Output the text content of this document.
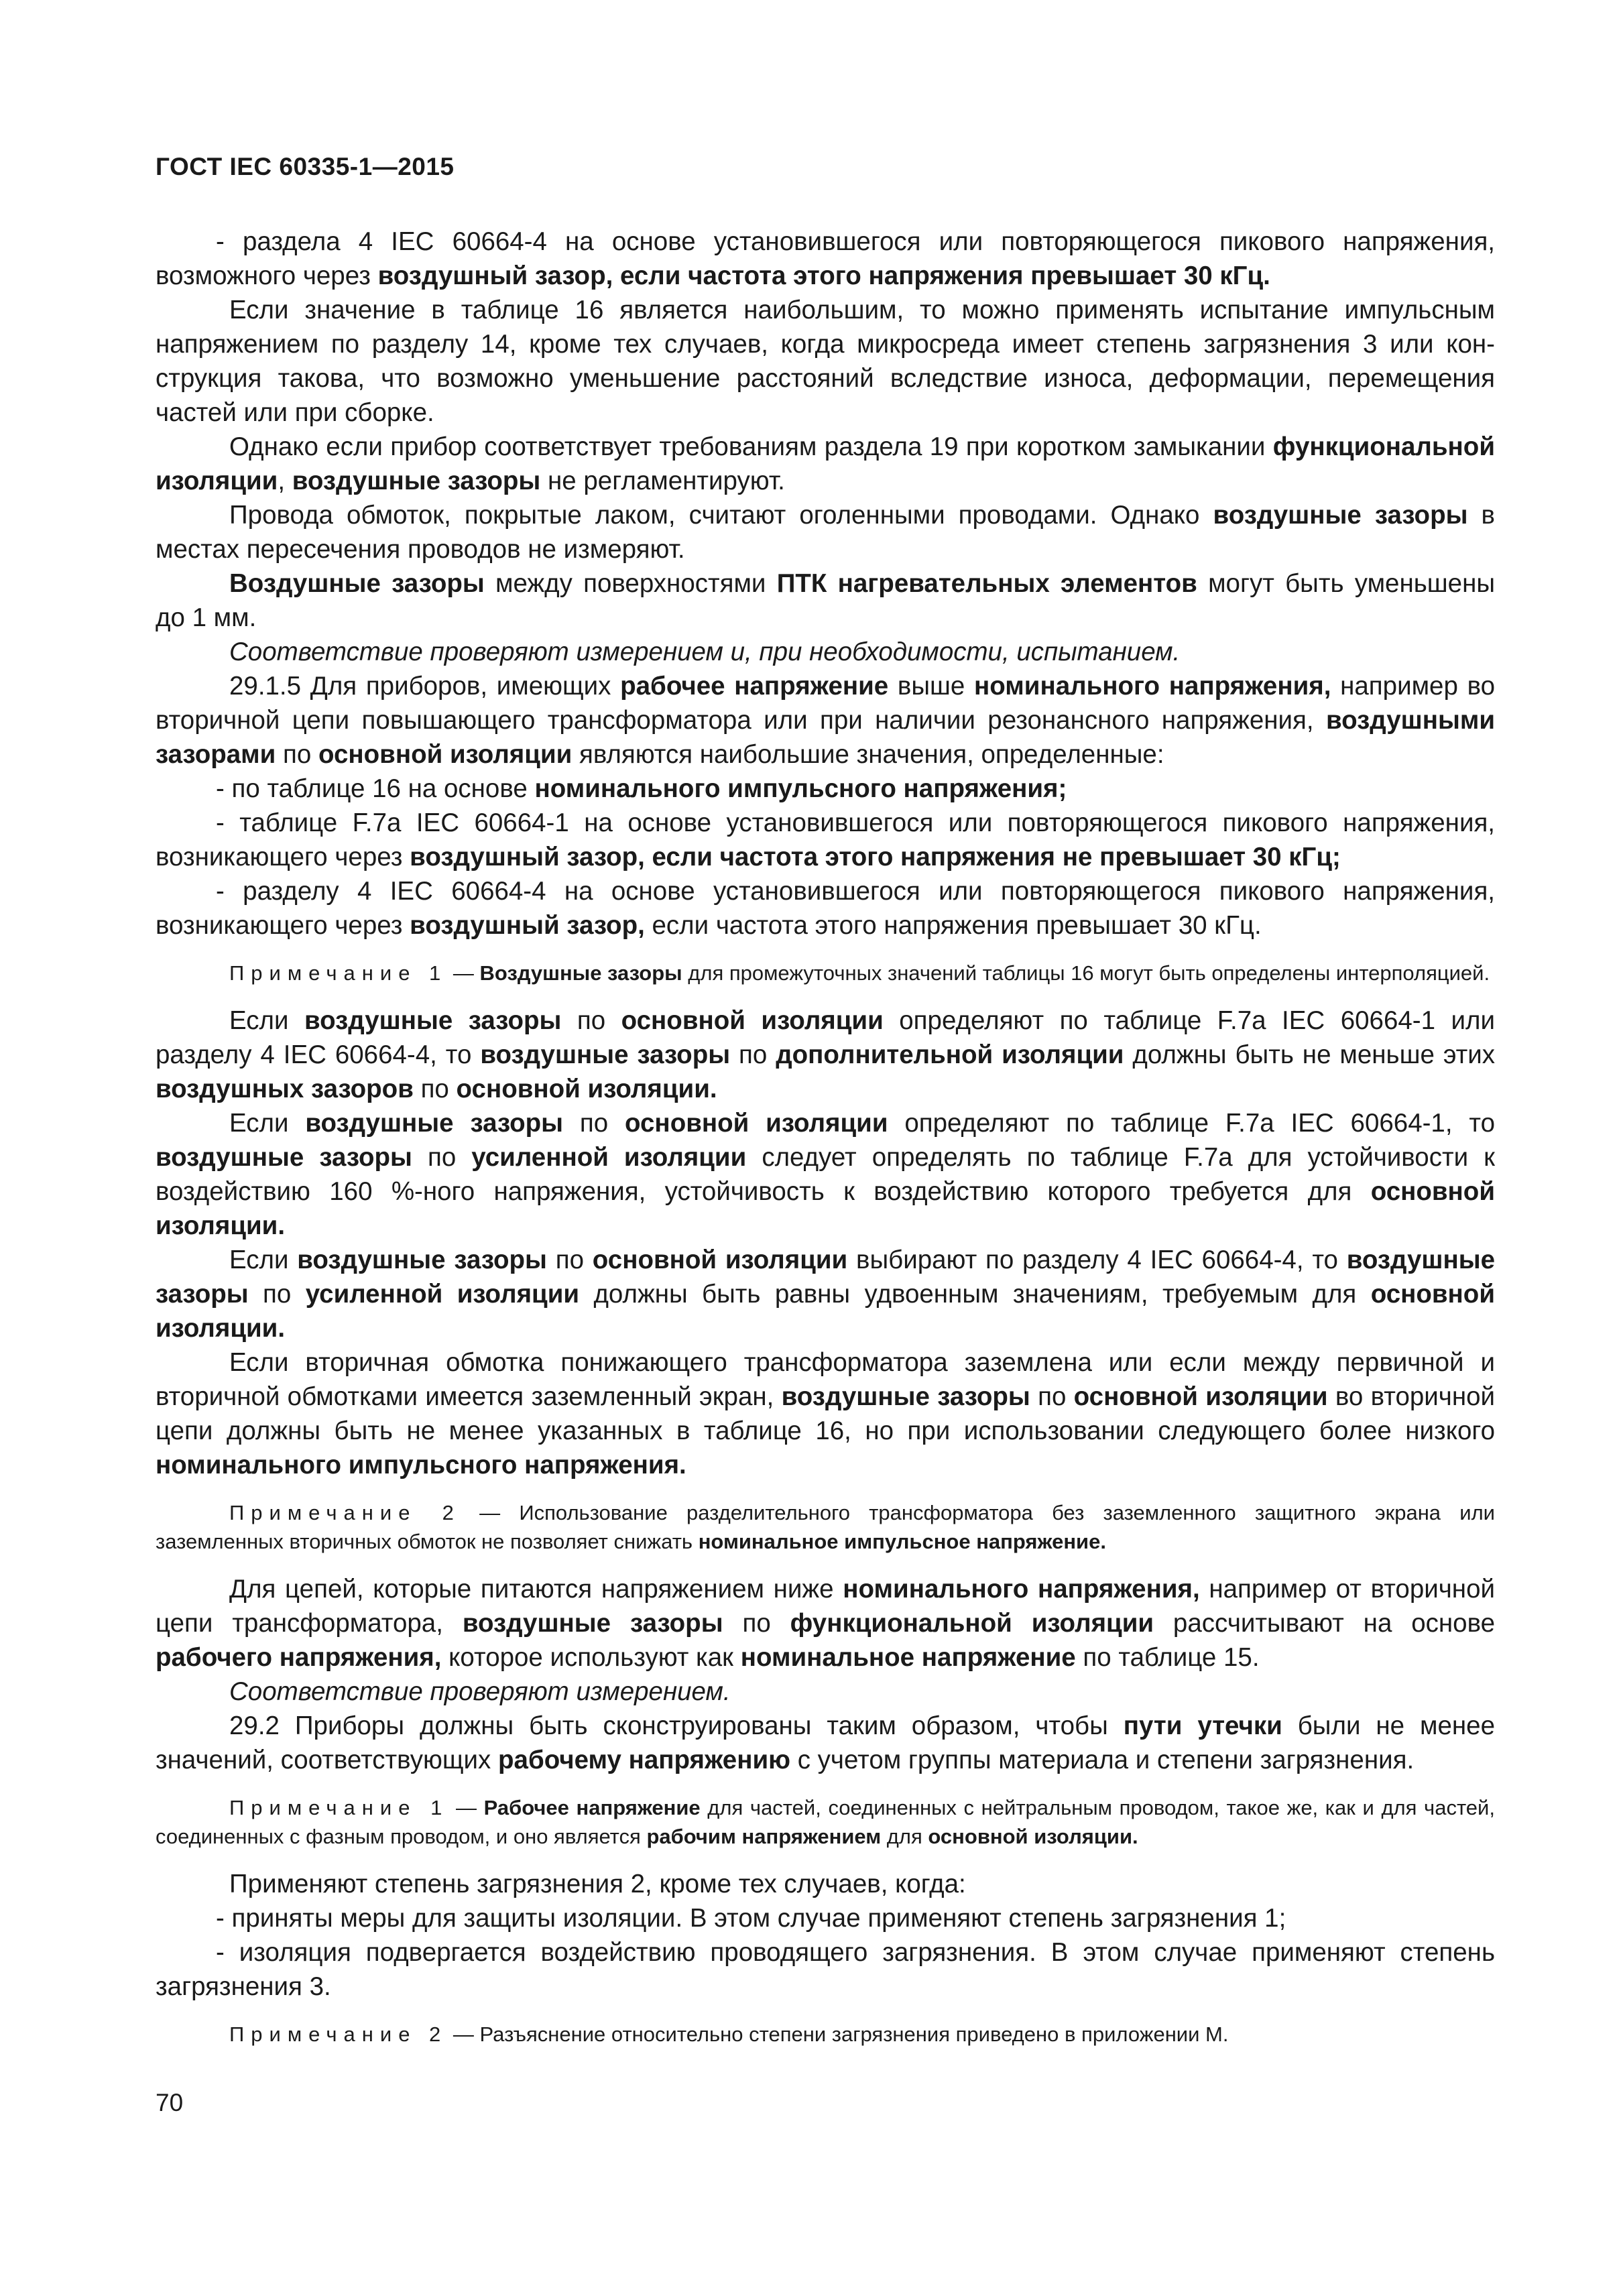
ГОСТ IEC 60335-1—2015

- раздела 4 IEC 60664-4 на основе установившегося или повторяющегося пикового напряжения, возможного через воздушный зазор, если частота этого напряжения превышает 30 кГц.

Если значение в таблице 16 является наибольшим, то можно применять испытание импульсным напряжением по разделу 14, кроме тех случаев, когда микросреда имеет степень загрязнения 3 или конструкция такова, что возможно уменьшение расстояний вследствие износа, деформации, перемещения частей или при сборке.

Однако если прибор соответствует требованиям раздела 19 при коротком замыкании функциональной изоляции, воздушные зазоры не регламентируют.

Провода обмоток, покрытые лаком, считают оголенными проводами. Однако воздушные зазоры в местах пересечения проводов не измеряют.

Воздушные зазоры между поверхностями ПТК нагревательных элементов могут быть уменьшены до 1 мм.

Соответствие проверяют измерением и, при необходимости, испытанием.

29.1.5 Для приборов, имеющих рабочее напряжение выше номинального напряжения, например во вторичной цепи повышающего трансформатора или при наличии резонансного напряжения, воздушными зазорами по основной изоляции являются наибольшие значения, определенные:

- по таблице 16 на основе номинального импульсного напряжения;

- таблице F.7a IEC 60664-1 на основе установившегося или повторяющегося пикового напряжения, возникающего через воздушный зазор, если частота этого напряжения не превышает 30 кГц;

- разделу 4 IEC 60664-4 на основе установившегося или повторяющегося пикового напряжения, возникающего через воздушный зазор, если частота этого напряжения превышает 30 кГц.

Примечание 1 — Воздушные зазоры для промежуточных значений таблицы 16 могут быть определены интерполяцией.

Если воздушные зазоры по основной изоляции определяют по таблице F.7a IEC 60664-1 или разделу 4 IEC 60664-4, то воздушные зазоры по дополнительной изоляции должны быть не меньше этих воздушных зазоров по основной изоляции.

Если воздушные зазоры по основной изоляции определяют по таблице F.7a IEC 60664-1, то воздушные зазоры по усиленной изоляции следует определять по таблице F.7a для устойчивости к воздействию 160 %-ного напряжения, устойчивость к воздействию которого требуется для основной изоляции.

Если воздушные зазоры по основной изоляции выбирают по разделу 4 IEC 60664-4, то воздушные зазоры по усиленной изоляции должны быть равны удвоенным значениям, требуемым для основной изоляции.

Если вторичная обмотка понижающего трансформатора заземлена или если между первичной и вторичной обмотками имеется заземленный экран, воздушные зазоры по основной изоляции во вторичной цепи должны быть не менее указанных в таблице 16, но при использовании следующего более низкого номинального импульсного напряжения.

Примечание 2 — Использование разделительного трансформатора без заземленного защитного экрана или заземленных вторичных обмоток не позволяет снижать номинальное импульсное напряжение.

Для цепей, которые питаются напряжением ниже номинального напряжения, например от вторичной цепи трансформатора, воздушные зазоры по функциональной изоляции рассчитывают на основе рабочего напряжения, которое используют как номинальное напряжение по таблице 15.

Соответствие проверяют измерением.

29.2 Приборы должны быть сконструированы таким образом, чтобы пути утечки были не менее значений, соответствующих рабочему напряжению с учетом группы материала и степени загрязнения.

Примечание 1 — Рабочее напряжение для частей, соединенных с нейтральным проводом, такое же, как и для частей, соединенных с фазным проводом, и оно является рабочим напряжением для основной изоляции.

Применяют степень загрязнения 2, кроме тех случаев, когда:

- приняты меры для защиты изоляции. В этом случае применяют степень загрязнения 1;

- изоляция подвергается воздействию проводящего загрязнения. В этом случае применяют степень загрязнения 3.

Примечание 2 — Разъяснение относительно степени загрязнения приведено в приложении М.

70
